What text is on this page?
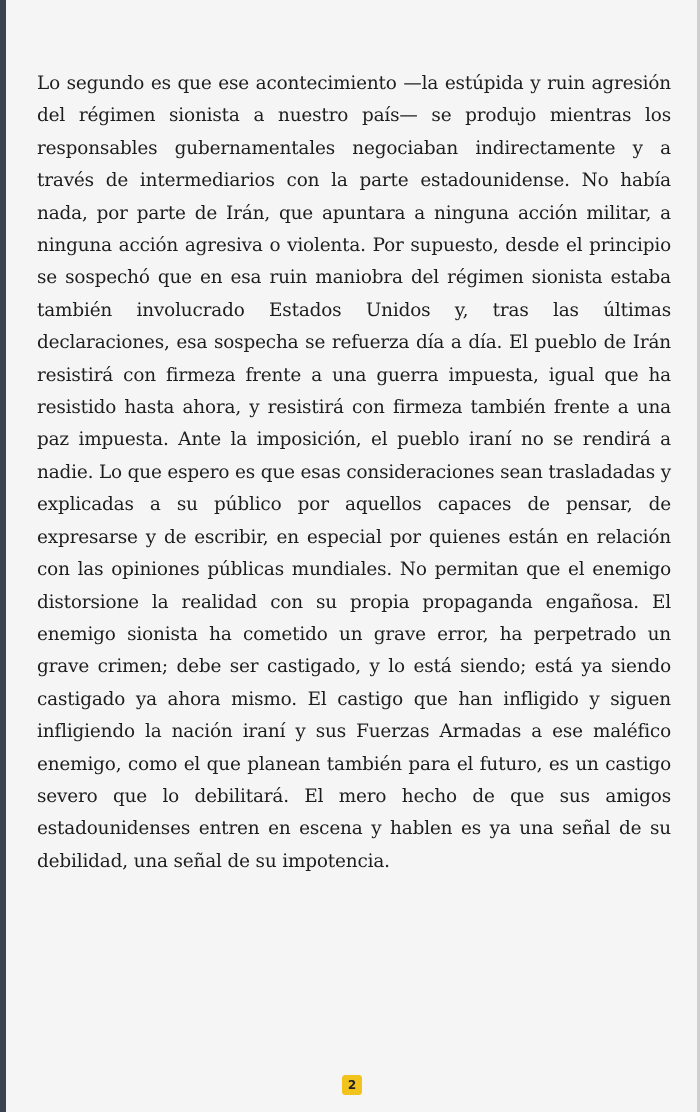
Lo segundo es que ese acontecimiento —la estúpida y ruin agresión del régimen sionista a nuestro país— se produjo mientras los responsables gubernamentales negociaban indirectamente y a través de intermediarios con la parte estadounidense. No había nada, por parte de Irán, que apuntara a ninguna acción militar, a ninguna acción agresiva o violenta. Por supuesto, desde el principio se sospechó que en esa ruin maniobra del régimen sionista estaba también involucrado Estados Unidos y, tras las últimas declaraciones, esa sospecha se refuerza día a día. El pueblo de Irán resistirá con firmeza frente a una guerra impuesta, igual que ha resistido hasta ahora, y resistirá con firmeza también frente a una paz impuesta. Ante la imposición, el pueblo iraní no se rendirá a nadie. Lo que espero es que esas consideraciones sean trasladadas y explicadas a su público por aquellos capaces de pensar, de expresarse y de escribir, en especial por quienes están en relación con las opiniones públicas mundiales. No permitan que el enemigo distorsione la realidad con su propia propaganda engañosa. El enemigo sionista ha cometido un grave error, ha perpetrado un grave crimen; debe ser castigado, y lo está siendo; está ya siendo castigado ya ahora mismo. El castigo que han infligido y siguen infligiendo la nación iraní y sus Fuerzas Armadas a ese maléfico enemigo, como el que planean también para el futuro, es un castigo severo que lo debilitará. El mero hecho de que sus amigos estadounidenses entren en escena y hablen es ya una señal de su debilidad, una señal de su impotencia.

2
